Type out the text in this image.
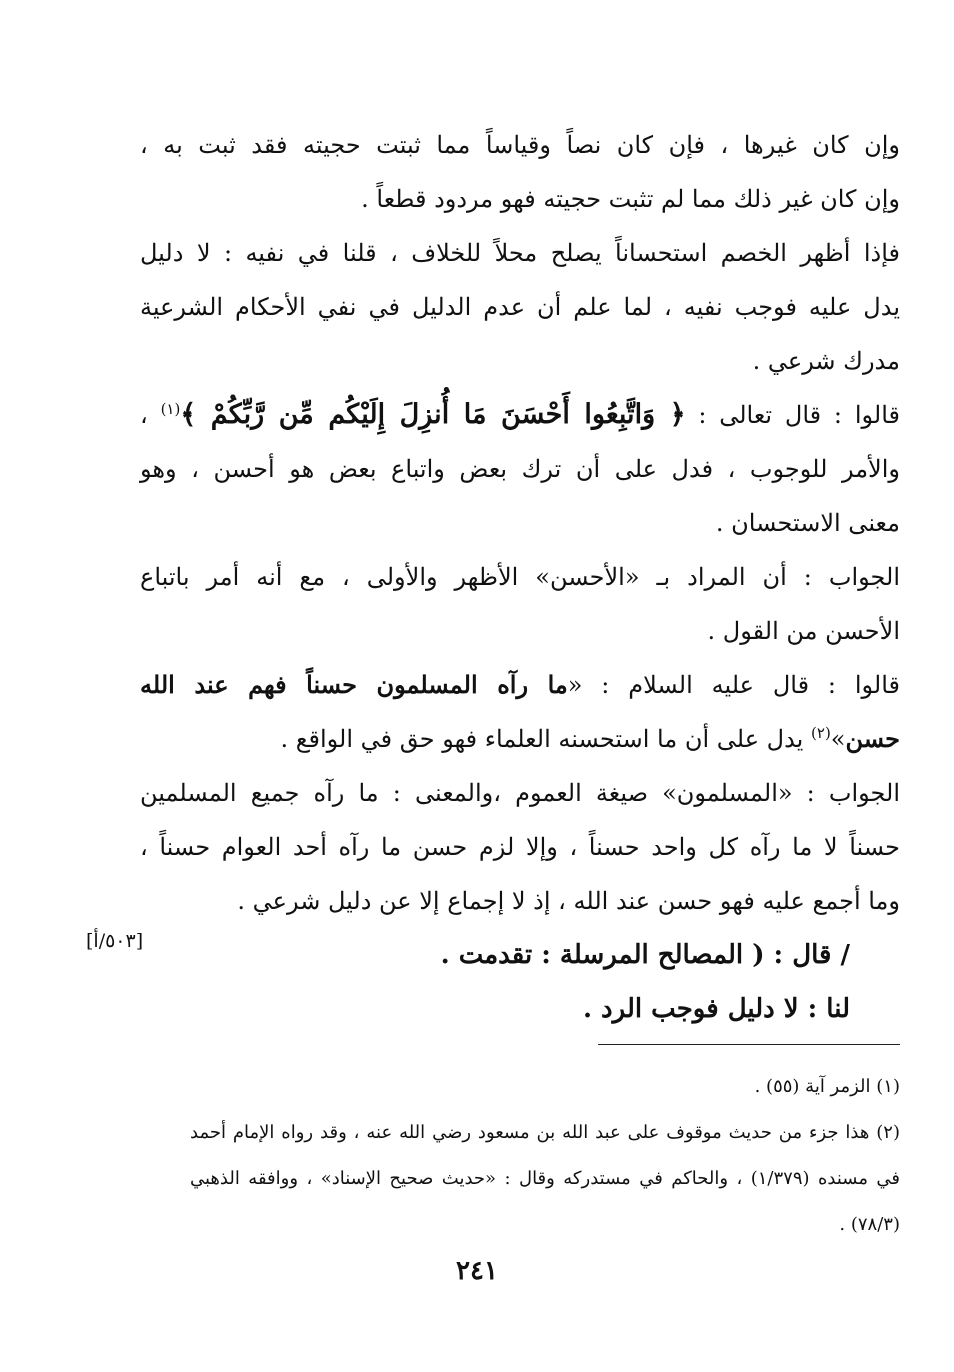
وإن كان غيرها ، فإن كان نصاً وقياساً مما ثبتت حجيته فقد ثبت به ،
وإن كان غير ذلك مما لم تثبت حجيته فهو مردود قطعاً .

فإذا أظهر الخصم استحساناً يصلح محلاً للخلاف ، قلنا في نفيه : لا دليل
يدل عليه فوجب نفيه ، لما علم أن عدم الدليل في نفي الأحكام الشرعية
مدرك شرعي .

قالوا : قال تعالى : ﴿ وَاتَّبِعُوا أَحْسَنَ مَا أُنزِلَ إِلَيْكُم مِّن رَّبِّكُمْ ﴾$^{(١)}$ ،
والأمر للوجوب ، فدل على أن ترك بعض واتباع بعض هو أحسن ، وهو
معنى الاستحسان .

الجواب : أن المراد بـ «الأحسن» الأظهر والأولى ، مع أنه أمر باتباع
الأحسن من القول .

قالوا : قال عليه السلام : «ما رآه المسلمون حسناً فهم عند الله
حسن»$^{(٢)}$ يدل على أن ما استحسنه العلماء فهو حق في الواقع .

الجواب : «المسلمون» صيغة العموم ،والمعنى : ما رآه جميع المسلمين
حسناً لا ما رآه كل واحد حسناً ، وإلا لزم حسن ما رآه أحد العوام حسناً ،
وما أجمع عليه فهو حسن عند الله ، إذ لا إجماع إلا عن دليل شرعي .

/ قال : ( المصالح المرسلة : تقدمت .
لنا : لا دليل فوجب الرد .
[٥٠٣/أ]
(١) الزمر آية (٥٥) .
(٢) هذا جزء من حديث موقوف على عبد الله بن مسعود رضي الله عنه ، وقد رواه الإمام أحمد
في مسنده (١/٣٧٩) ، والحاكم في مستدركه وقال : «حديث صحيح الإسناد» ، ووافقه الذهبي
(٧٨/٣) .
٢٤١
